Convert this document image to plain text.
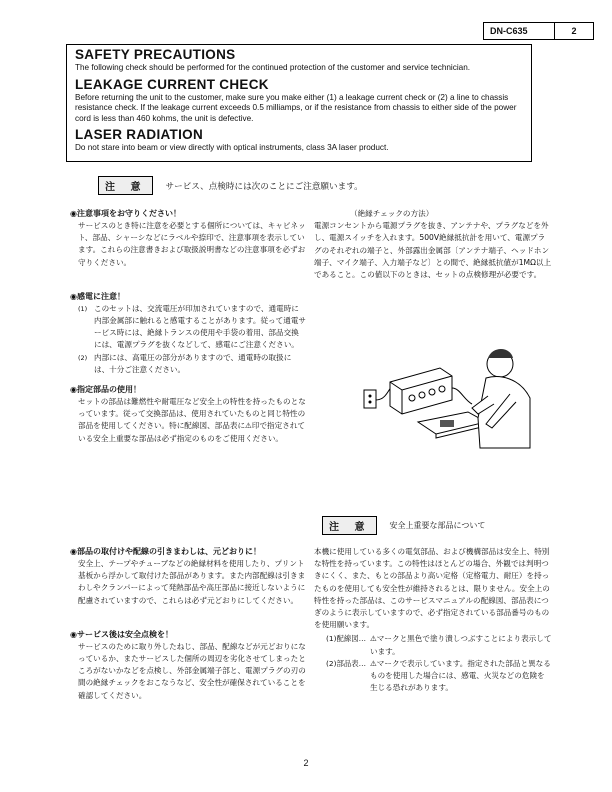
DN-C635	2
SAFETY PRECAUTIONS

The following check should be performed for the continued protection of the customer and service technician.

LEAKAGE CURRENT CHECK

Before returning the unit to the customer, make sure you make either (1) a leakage current check or (2) a line to chassis resistance check. If the leakage current exceeds 0.5 milliamps, or if the resistance from chassis to either side of the power cord is less than 460 kohms, the unit is defective.

LASER RADIATION

Do not stare into beam or view directly with optical instruments, class 3A laser product.

注 意	サービス、点検時には次のことにご注意願います。
◉注意事項をお守りください！

サービスのとき特に注意を必要とする個所については、キャビネット、部品、シャーシなどにラベルや捺印で、注意事項を表示しています。これらの注意書きおよび取扱説明書などの注意事項を必ずお守りください。

◉感電に注意！
(1) このセットは、交流電圧が印加されていますので、通電時に内部金属部に触れると感電することがあります。従って通電サービス時には、絶縁トランスの使用や手袋の着用、部品交換には、電源プラグを抜くなどして、感電にご注意ください。
(2) 内部には、高電圧の部分がありますので、通電時の取扱には、十分ご注意ください。
◉指定部品の使用！

セットの部品は難燃性や耐電圧など安全上の特性を持ったものとなっています。従って交換部品は、使用されていたものと同じ特性の部品を使用してください。特に配線図、部品表に⚠印で指定されている安全上重要な部品は必ず指定のものをご使用ください。

◉部品の取付けや配線の引きまわしは、元どおりに！

安全上、テープやチューブなどの絶縁材料を使用したり、プリント基板から浮かして取付けた部品があります。また内部配線は引きまわしやクランパーによって発熱部品や高圧部品に接近しないように配慮されていますので、これらは必ず元どおりにしてください。

◉サービス後は安全点検を！

サービスのために取り外したねじ、部品、配線などが元どおりになっているか、またサービスした個所の周辺を劣化させてしまったところがないかなどを点検し、外部金属端子部と、電源プラグの刃の間の絶縁チェックをおこなうなど、安全性が確保されていることを確認してください。

（絶縁チェックの方法）

電源コンセントから電源プラグを抜き、アンテナや、プラグなどを外し、電源スイッチを入れます。500V絶縁抵抗計を用いて、電源プラグのそれぞれの端子と、外部露出金属部〔アンテナ端子、ヘッドホン端子、マイク端子、入力端子など〕との間で、絶縁抵抗値が1MΩ以上であること。この値以下のときは、セットの点検修理が必要です。

注 意	安全上重要な部品について

本機に使用している多くの電気部品、および機構部品は安全上、特別な特性を持っています。この特性はほとんどの場合、外観では判明つきにくく、また、もとの部品より高い定格（定格電力、耐圧）を持ったものを使用しても安全性が維持されるとは、限りません。安全上の特性を持った部品は、このサービスマニュアルの配線図、部品表につぎのように表示していますので、必ず指定されている部品番号のものを使用願います。

(1)配線図… ⚠マークと黒色で塗り潰しつぶすことにより表示しています。
(2)部品表… ⚠マークで表示しています。指定された部品と異なるものを使用した場合には、感電、火災などの危険を生じる恐れがあります。
2
